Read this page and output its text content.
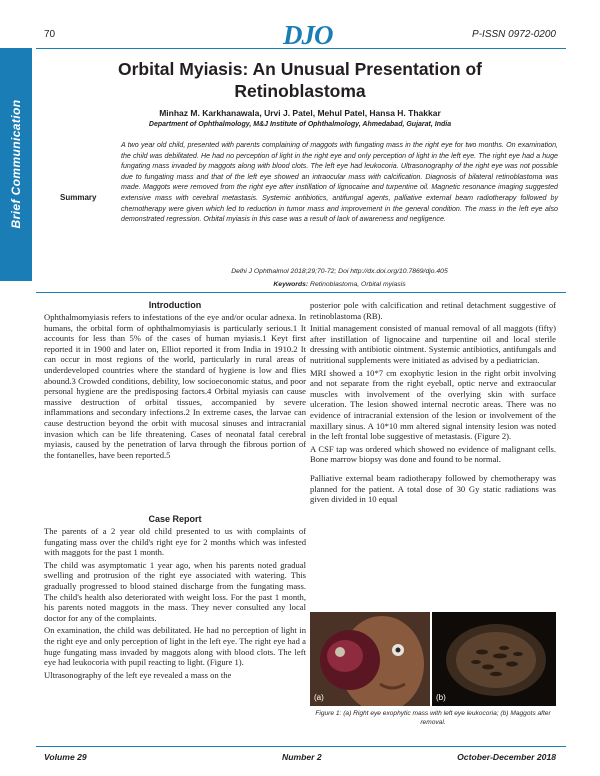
70	DJO	P-ISSN 0972-0200
Brief Communication
Orbital Myiasis: An Unusual Presentation of Retinoblastoma
Minhaz M. Karkhanawala, Urvi J. Patel, Mehul Patel, Hansa H. Thakkar
Department of Ophthalmology, M&J Institute of Ophthalmology, Ahmedabad, Gujarat, India
Summary
A two year old child, presented with parents complaining of maggots with fungating mass in the right eye for two months. On examination, the child was debilitated. He had no perception of light in the right eye and only perception of light in the left eye. The right eye had a huge fungating mass invaded by maggots along with blood clots. The left eye had leukocoria. Ultrasonography of the right eye was not possible due to fungating mass and that of the left eye showed an intraocular mass with calcification. Diagnosis of bilateral retinoblastoma was made. Maggots were removed from the right eye after instillation of lignocaine and turpentine oil. Magnetic resonance imaging suggested extensive mass with cerebral metastasis. Systemic antibiotics, antifungal agents, palliative external beam radiotherapy followed by chemotherapy were given which led to reduction in tumor mass and improvement in the general condition. The mass in the left eye also demonstrated regression. Orbital myiasis in this case was a result of lack of awareness and negligence.
Delhi J Ophthalmol 2018;29;70-72; Doi http://dx.doi.org/10.7869/djo.405
Keywords: Retinoblastoma, Orbital myiasis
Introduction

Ophthalmomyiasis refers to infestations of the eye and/or ocular adnexa. In humans, the orbital form of ophthalmomyiasis is particularly serious.1 It accounts for less than 5% of the cases of human myiasis.1 Keyt first reported it in 1900 and later on, Elliot reported it from India in 1910.2 It can occur in most regions of the world, particularly in rural areas of underdeveloped countries where the standard of hygiene is low and flies abound.3 Crowded conditions, debility, low socioeconomic status, and poor personal hygiene are the predisposing factors.4 Orbital myiasis can cause massive destruction of orbital tissues, accompanied by severe inflammations and secondary infections.2 In extreme cases, the larvae can cause destruction beyond the orbit with mucosal sinuses and intracranial invasion which can be life threatening. Cases of neonatal fatal cerebral myiasis, caused by the penetration of larva through the fibrous portion of the fontanelles, have been reported.5

Case Report

The parents of a 2 year old child presented to us with complaints of fungating mass over the child's right eye for 2 months which was infested with maggots for the past 1 month.

The child was asymptomatic 1 year ago, when his parents noted gradual swelling and protrusion of the right eye associated with watering. This gradually progressed to blood stained discharge from the fungating mass. The child's health also deteriorated with weight loss. For the past 1 month, his parents noted maggots in the mass. They never consulted any local doctor for any of the complaints.

On examination, the child was debilitated. He had no perception of light in the right eye and only perception of light in the left eye. The right eye had a huge fungating mass invaded by maggots along with blood clots. The left eye had leukocoria with pupil reacting to light. (Figure 1).

Ultrasonography of the left eye revealed a mass on the

posterior pole with calcification and retinal detachment suggestive of retinoblastoma (RB).

Initial management consisted of manual removal of all maggots (fifty) after instillation of lignocaine and turpentine oil and local sterile dressing with antibiotic ointment. Systemic antibiotics, antifungals and nutritional supplements were initiated as advised by a pediatrician.

MRI showed a 10*7 cm exophytic lesion in the right orbit involving and not separate from the right eyeball, optic nerve and extraocular muscles with involvement of the overlying skin with surface ulceration. The lesion showed internal necrotic areas. There was no evidence of intracranial extension of the lesion or involvement of the maxillary sinus. A 10*10 mm altered signal intensity lesion was noted in the left frontal lobe suggestive of metastasis. (Figure 2).

A CSF tap was ordered which showed no evidence of malignant cells. Bone marrow biopsy was done and found to be normal.

Palliative external beam radiotherapy followed by chemotherapy was planned for the patient. A total dose of 30 Gy static radiations was given divided in 10 equal

(a)	(b)
Figure 1: (a) Right eye exophytic mass with left eye leukocoria; (b) Maggots after removal.
Volume 29	Number 2	October-December 2018
